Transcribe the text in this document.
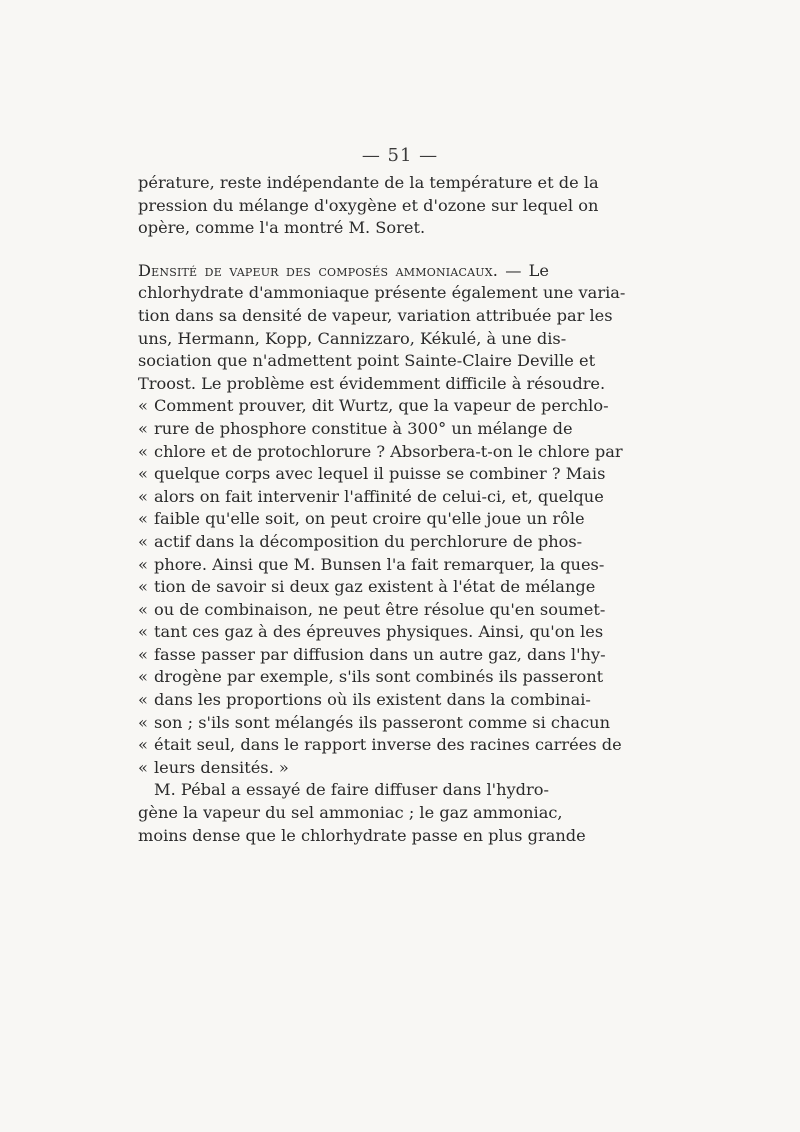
— 51 —
pérature, reste indépendante de la température et de la
pression du mélange d'oxygène et d'ozone sur lequel on
opère, comme l'a montré M. Soret.
Densité de vapeur des composés ammoniacaux. — Le
chlorhydrate d'ammoniaque présente également une varia-
tion dans sa densité de vapeur, variation attribuée par les
uns, Hermann, Kopp, Cannizzaro, Kékulé, à une dis-
sociation que n'admettent point Sainte-Claire Deville et
Troost. Le problème est évidemment difficile à résoudre.
« Comment prouver, dit Wurtz, que la vapeur de perchlo-
« rure de phosphore constitue à 300° un mélange de
« chlore et de protochlorure ? Absorbera-t-on le chlore par
« quelque corps avec lequel il puisse se combiner ? Mais
« alors on fait intervenir l'affinité de celui-ci, et, quelque
« faible qu'elle soit, on peut croire qu'elle joue un rôle
« actif dans la décomposition du perchlorure de phos-
« phore. Ainsi que M. Bunsen l'a fait remarquer, la ques-
« tion de savoir si deux gaz existent à l'état de mélange
« ou de combinaison, ne peut être résolue qu'en soumet-
« tant ces gaz à des épreuves physiques. Ainsi, qu'on les
« fasse passer par diffusion dans un autre gaz, dans l'hy-
« drogène par exemple, s'ils sont combinés ils passeront
« dans les proportions où ils existent dans la combinai-
« son ; s'ils sont mélangés ils passeront comme si chacun
« était seul, dans le rapport inverse des racines carrées de
« leurs densités. »
M. Pébal a essayé de faire diffuser dans l'hydro-
gène la vapeur du sel ammoniac ; le gaz ammoniac,
moins dense que le chlorhydrate passe en plus grande
